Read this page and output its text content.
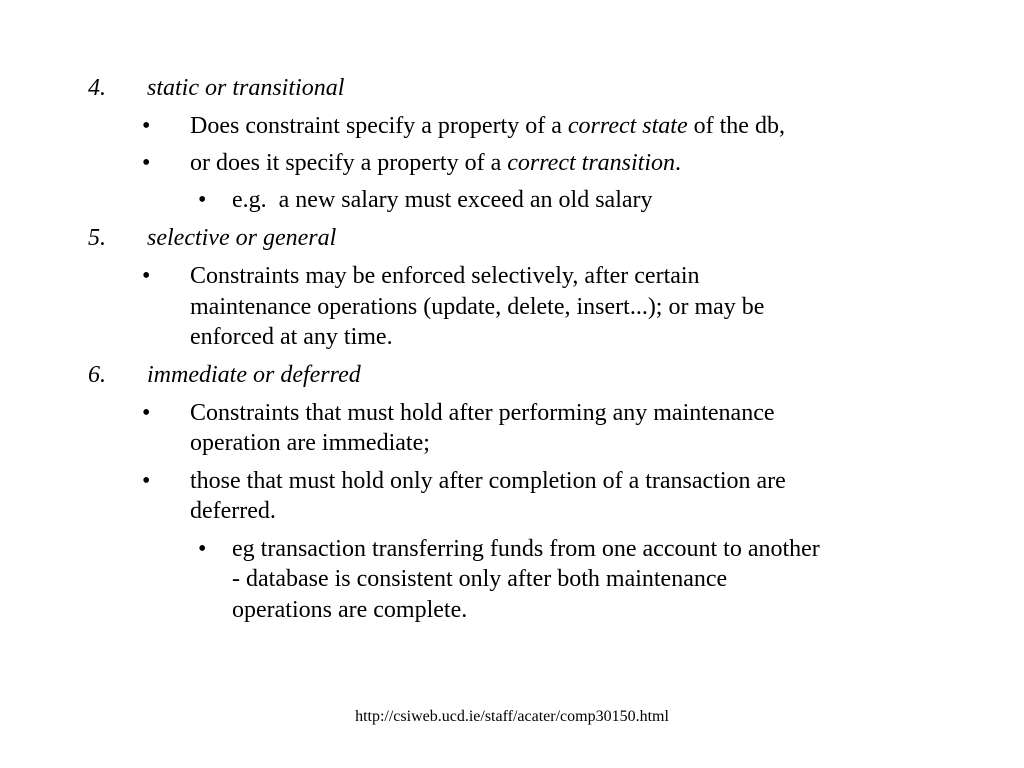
4. static or transitional
• Does constraint specify a property of a correct state of the db,
• or does it specify a property of a correct transition.
• e.g.  a new salary must exceed an old salary
5. selective or general
• Constraints may be enforced selectively, after certain
maintenance operations (update, delete, insert...); or may be
enforced at any time.
6. immediate or deferred
• Constraints that must hold after performing any maintenance
operation are immediate;
• those that must hold only after completion of a transaction are
deferred.
• eg transaction transferring funds from one account to another
- database is consistent only after both maintenance
operations are complete.
http://csiweb.ucd.ie/staff/acater/comp30150.html
